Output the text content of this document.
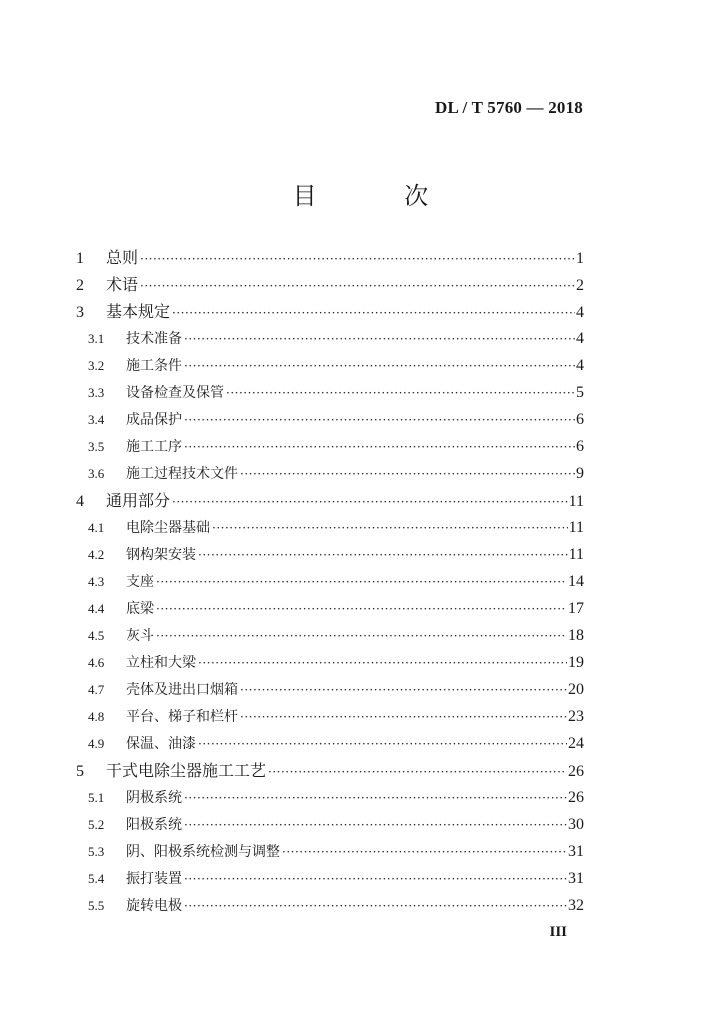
DL / T 5760 — 2018
目 次
1	总则 ·····	1
2	术语 ·····	2
3	基本规定 ·····	4
3.1	技术准备 ·····	4
3.2	施工条件 ·····	4
3.3	设备检查及保管 ·····	5
3.4	成品保护 ·····	6
3.5	施工工序 ·····	6
3.6	施工过程技术文件 ·····	9
4	通用部分 ·····	11
4.1	电除尘器基础 ·····	11
4.2	钢构架安装 ·····	11
4.3	支座 ·····	14
4.4	底梁 ·····	17
4.5	灰斗 ·····	18
4.6	立柱和大梁 ·····	19
4.7	壳体及进出口烟箱 ·····	20
4.8	平台、梯子和栏杆 ·····	23
4.9	保温、油漆 ·····	24
5	干式电除尘器施工工艺 ·····	26
5.1	阴极系统 ·····	26
5.2	阳极系统 ·····	30
5.3	阴、阳极系统检测与调整 ·····	31
5.4	振打装置 ·····	31
5.5	旋转电极 ·····	32
III
